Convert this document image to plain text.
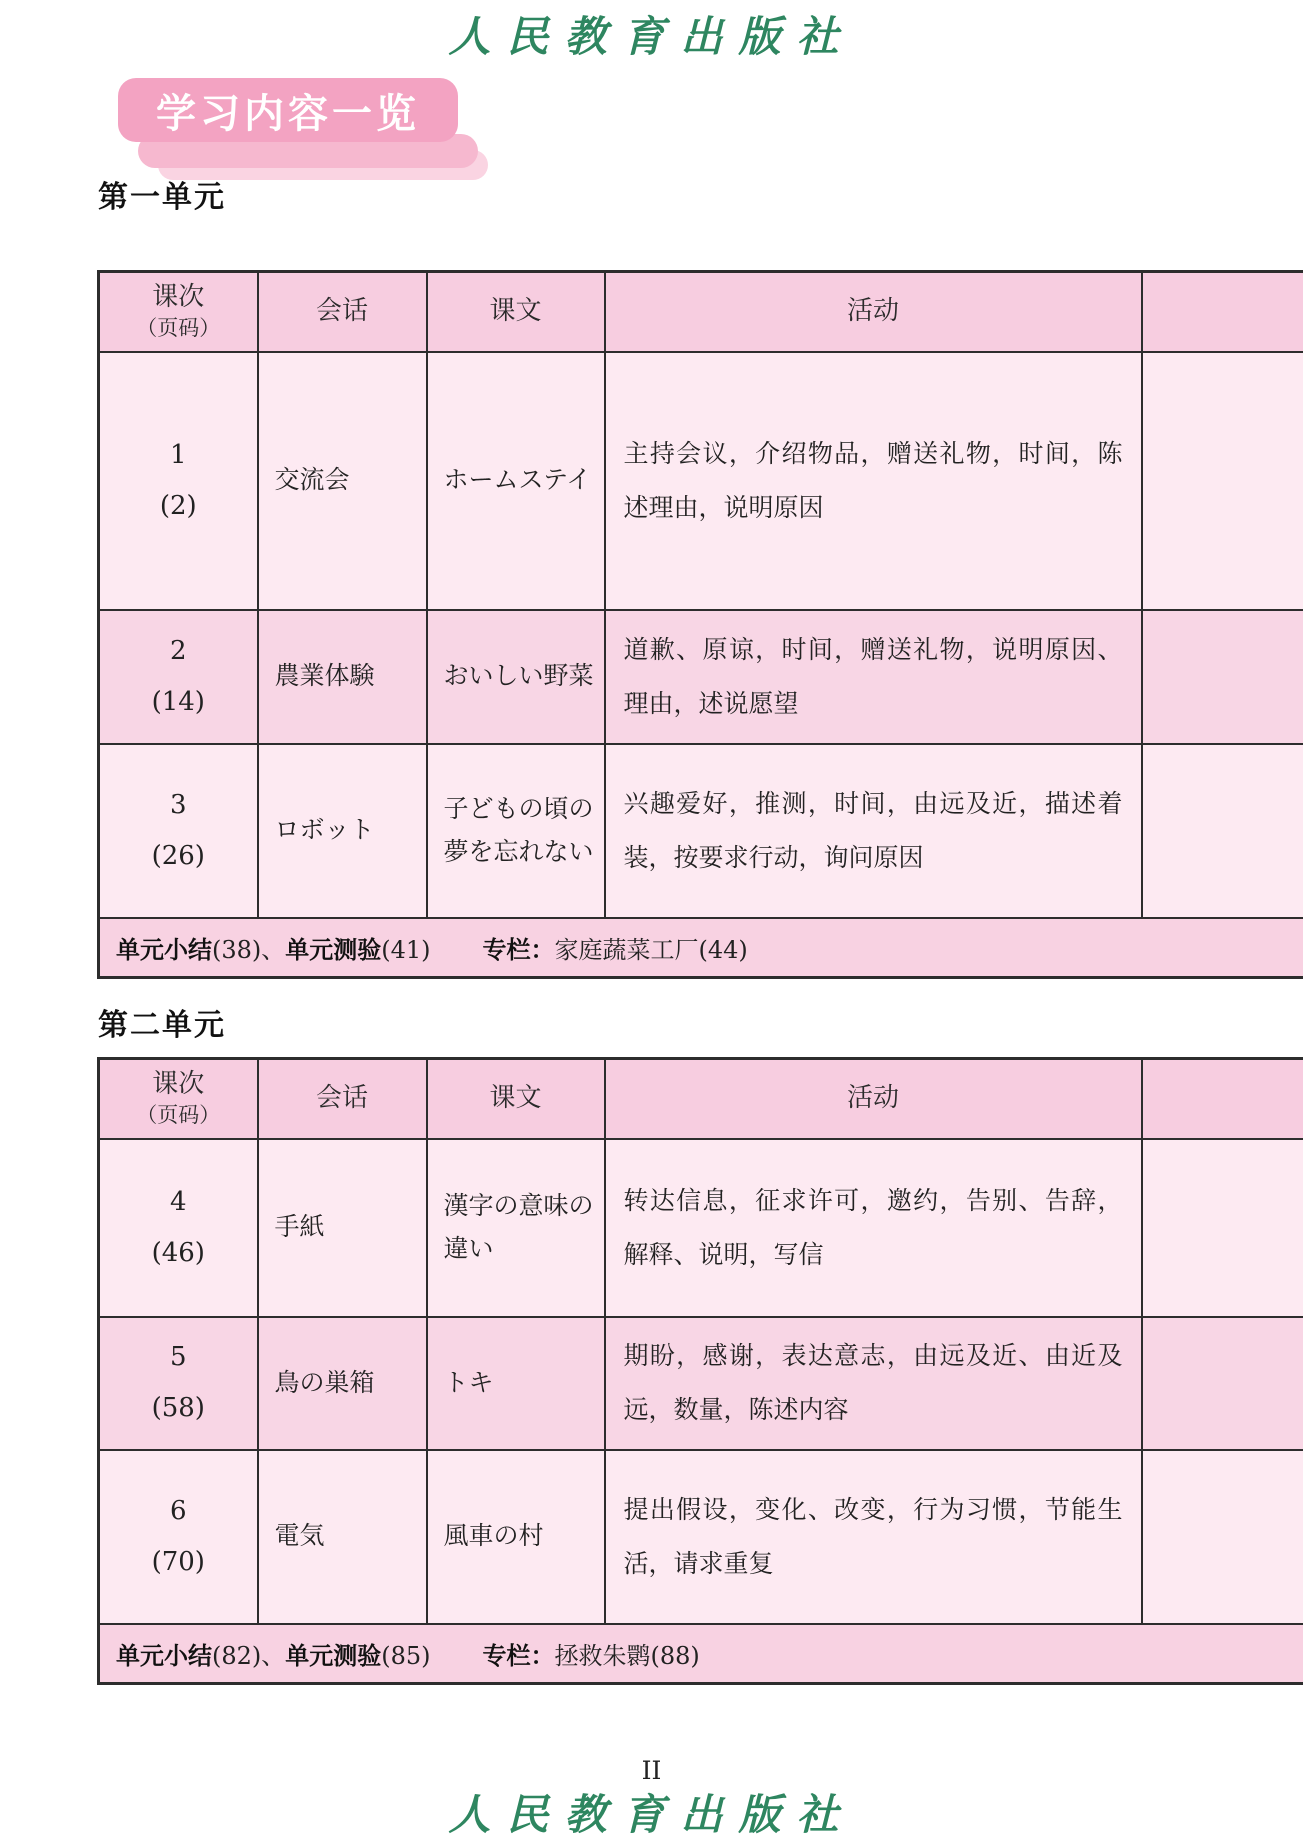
人民教育出版社
学习内容一览
第一单元
课次
（页码）	会话	课文	活动	

1
(2)	交流会	ホームステイ	主持会议，介绍物品，赠送礼物，时间，陈述理由，说明原因	

2
(14)	農業体験	おいしい野菜	道歉、原谅，时间，赠送礼物，说明原因、理由，述说愿望	

3
(26)	ロボット	子どもの頃の夢を忘れない	兴趣爱好，推测，时间，由远及近，描述着装，按要求行动，询问原因	
单元小结(38)、单元测验(41) 专栏：家庭蔬菜工厂(44)				
第二单元
课次
（页码）	会话	课文	活动	

4
(46)	手紙	漢字の意味の違い	转达信息，征求许可，邀约，告别、告辞，解释、说明，写信	

5
(58)	鳥の巣箱	トキ	期盼，感谢，表达意志，由远及近、由近及远，数量，陈述内容	

6
(70)	電気	風車の村	提出假设，变化、改变，行为习惯，节能生活，请求重复	
单元小结(82)、单元测验(85) 专栏：拯救朱鹮(88)				
II
人民教育出版社
